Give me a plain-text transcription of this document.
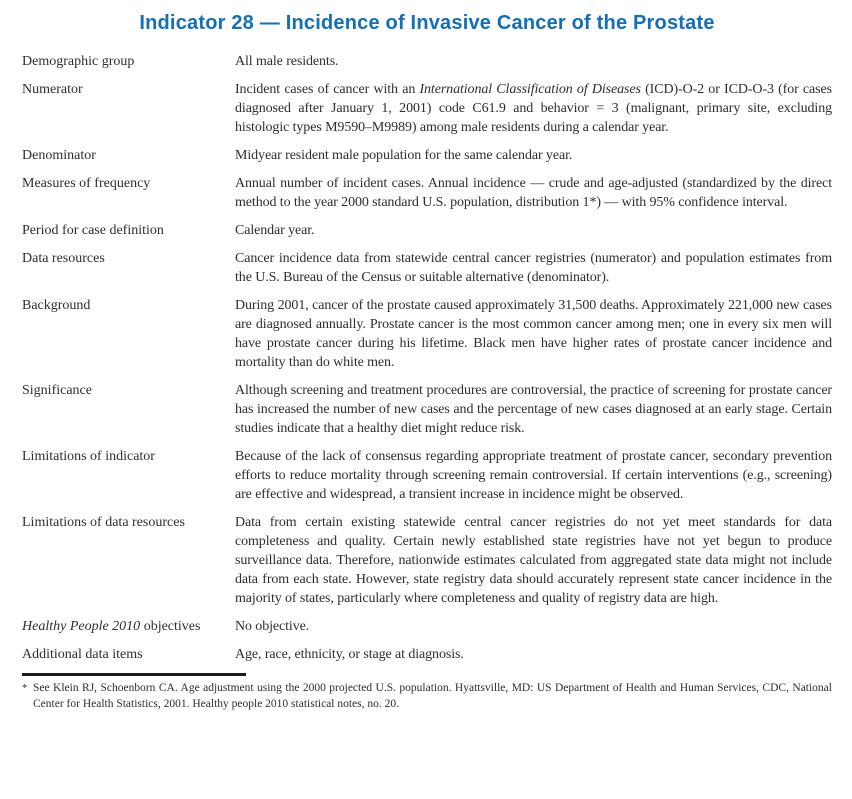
Indicator 28 — Incidence of Invasive Cancer of the Prostate
Demographic group	All male residents.
Numerator	Incident cases of cancer with an International Classification of Diseases (ICD)-O-2 or ICD-O-3 (for cases diagnosed after January 1, 2001) code C61.9 and behavior = 3 (malignant, primary site, excluding histologic types M9590–M9989) among male residents during a calendar year.
Denominator	Midyear resident male population for the same calendar year.
Measures of frequency	Annual number of incident cases. Annual incidence — crude and age-adjusted (standardized by the direct method to the year 2000 standard U.S. population, distribution 1*) — with 95% confidence interval.
Period for case definition	Calendar year.
Data resources	Cancer incidence data from statewide central cancer registries (numerator) and population estimates from the U.S. Bureau of the Census or suitable alternative (denominator).
Background	During 2001, cancer of the prostate caused approximately 31,500 deaths. Approximately 221,000 new cases are diagnosed annually. Prostate cancer is the most common cancer among men; one in every six men will have prostate cancer during his lifetime. Black men have higher rates of prostate cancer incidence and mortality than do white men.
Significance	Although screening and treatment procedures are controversial, the practice of screening for prostate cancer has increased the number of new cases and the percentage of new cases diagnosed at an early stage. Certain studies indicate that a healthy diet might reduce risk.
Limitations of indicator	Because of the lack of consensus regarding appropriate treatment of prostate cancer, secondary prevention efforts to reduce mortality through screening remain controversial. If certain interventions (e.g., screening) are effective and widespread, a transient increase in incidence might be observed.
Limitations of data resources	Data from certain existing statewide central cancer registries do not yet meet standards for data completeness and quality. Certain newly established state registries have not yet begun to produce surveillance data. Therefore, nationwide estimates calculated from aggregated state data might not include data from each state. However, state registry data should accurately represent state cancer incidence in the majority of states, particularly where completeness and quality of registry data are high.
Healthy People 2010 objectives	No objective.
Additional data items	Age, race, ethnicity, or stage at diagnosis.
* See Klein RJ, Schoenborn CA. Age adjustment using the 2000 projected U.S. population. Hyattsville, MD: US Department of Health and Human Services, CDC, National Center for Health Statistics, 2001. Healthy people 2010 statistical notes, no. 20.
